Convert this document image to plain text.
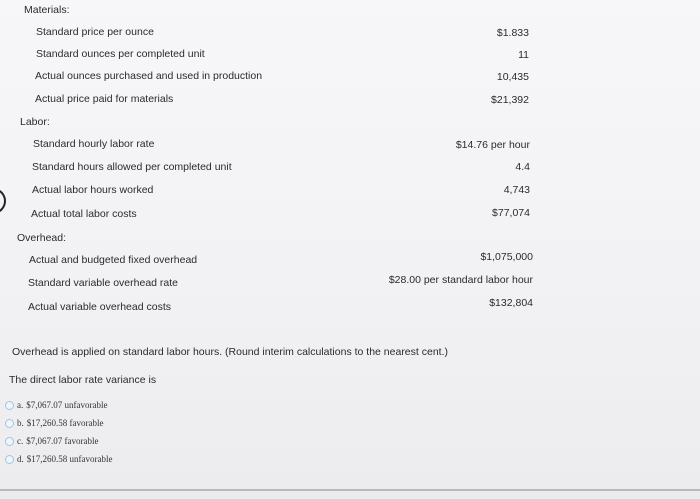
Materials:
Standard price per ounce	$1.833
Standard ounces per completed unit	11
Actual ounces purchased and used in production	10,435
Actual price paid for materials	$21,392
Labor:
Standard hourly labor rate	$14.76 per hour
Standard hours allowed per completed unit	4.4
Actual labor hours worked	4,743
Actual total labor costs	$77,074
Overhead:
Actual and budgeted fixed overhead	$1,075,000
Standard variable overhead rate	$28.00 per standard labor hour
Actual variable overhead costs	$132,804
Overhead is applied on standard labor hours. (Round interim calculations to the nearest cent.)
The direct labor rate variance is
a. $7,067.07 unfavorable
b. $17,260.58 favorable
c. $7,067.07 favorable
d. $17,260.58 unfavorable
